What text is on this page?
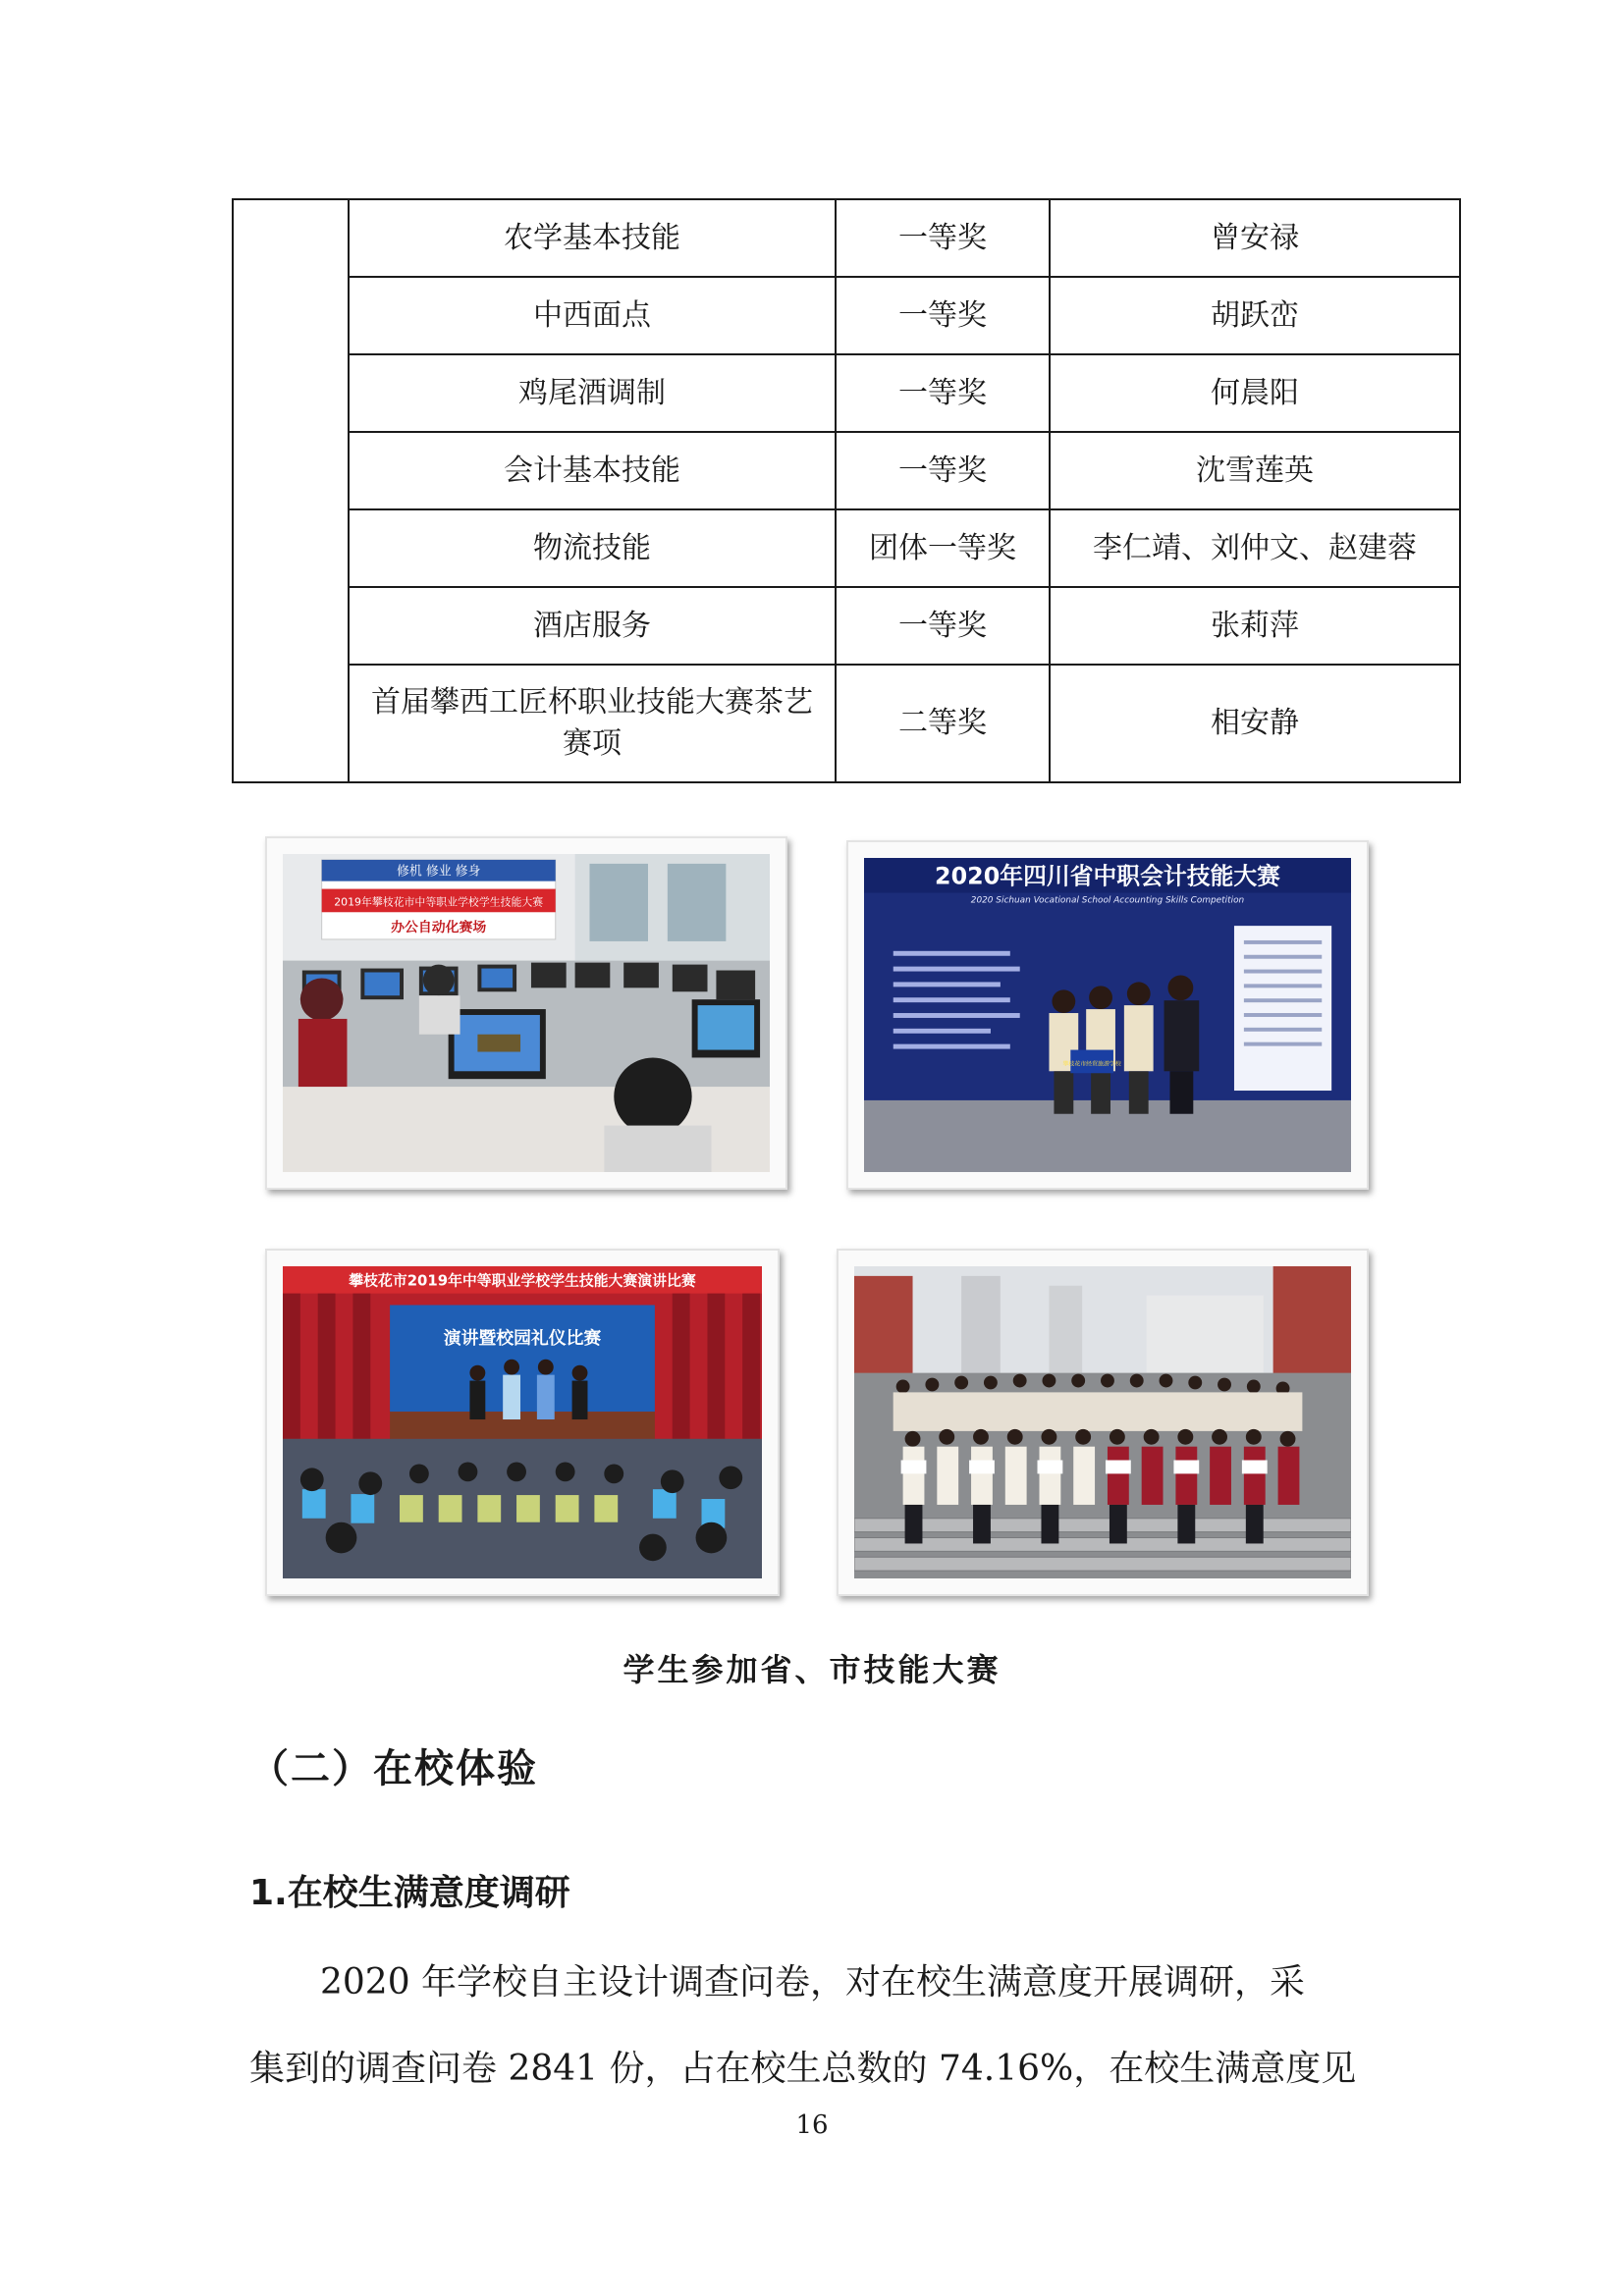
	农学基本技能	一等奖	曾安禄
	中西面点	一等奖	胡跃峦
	鸡尾酒调制	一等奖	何晨阳
	会计基本技能	一等奖	沈雪莲英
	物流技能	团体一等奖	李仁靖、刘仲文、赵建蓉
	酒店服务	一等奖	张莉萍
	首届攀西工匠杯职业技能大赛茶艺赛项	二等奖	相安静
修机 修业 修身
2019年攀枝花市中等职业学校学生技能大赛
办公自动化赛场
2020年四川省中职会计技能大赛
2020 Sichuan Vocational School Accounting Skills Competition
攀枝花市经贸旅游学校
攀枝花市2019年中等职业学校学生技能大赛演讲比赛
演讲暨校园礼仪比赛
学生参加省、市技能大赛
（二）在校体验
1.在校生满意度调研
2020 年学校自主设计调查问卷，对在校生满意度开展调研，采
集到的调查问卷 2841 份，占在校生总数的 74.16%，在校生满意度见
16
